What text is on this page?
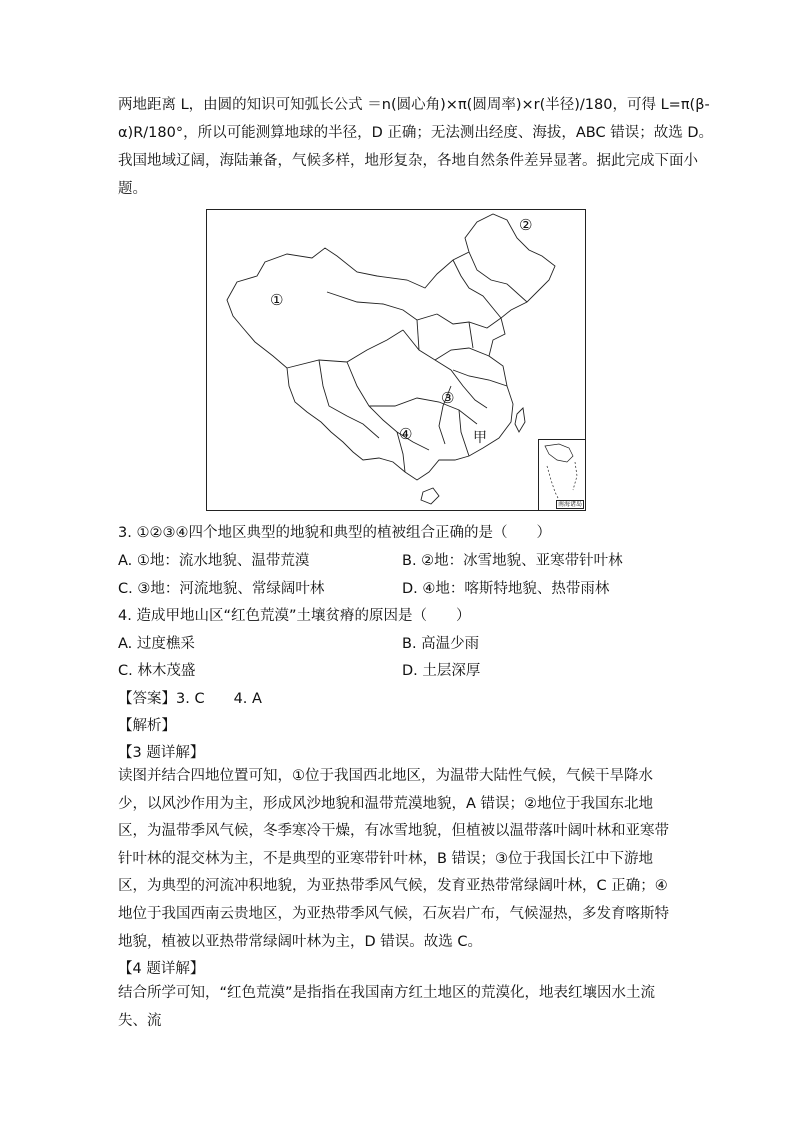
两地距离 L，由圆的知识可知弧长公式 ＝n(圆心角)×π(圆周率)×r(半径)/180，可得 L=π(β-
α)R/180°，所以可能测算地球的半径，D 正确；无法测出经度、海拔，ABC 错误；故选 D。
我国地域辽阔，海陆兼备，气候多样，地形复杂，各地自然条件差异显著。据此完成下面小
题。
①
②
③
④	甲
南海诸岛
3. ①②③④四个地区典型的地貌和典型的植被组合正确的是（　　）
A. ①地：流水地貌、温带荒漠	B. ②地：冰雪地貌、亚寒带针叶林
C. ③地：河流地貌、常绿阔叶林	D. ④地：喀斯特地貌、热带雨林
4. 造成甲地山区“红色荒漠”土壤贫瘠的原因是（　　）
A. 过度樵采	B. 高温少雨
C. 林木茂盛	D. 土层深厚
【答案】3. C　　4. A
【解析】
【3 题详解】
读图并结合四地位置可知，①位于我国西北地区，为温带大陆性气候，气候干旱降水少，以风沙作用为主，形成风沙地貌和温带荒漠地貌，A 错误；②地位于我国东北地区，为温带季风气候，冬季寒冷干燥，有冰雪地貌，但植被以温带落叶阔叶林和亚寒带针叶林的混交林为主，不是典型的亚寒带针叶林，B 错误；③位于我国长江中下游地区，为典型的河流冲积地貌，为亚热带季风气候，发育亚热带常绿阔叶林，C 正确；④地位于我国西南云贵地区，为亚热带季风气候，石灰岩广布，气候湿热，多发育喀斯特地貌，植被以亚热带常绿阔叶林为主，D 错误。故选 C。
【4 题详解】
结合所学可知，“红色荒漠”是指指在我国南方红土地区的荒漠化，地表红壤因水土流失、流
